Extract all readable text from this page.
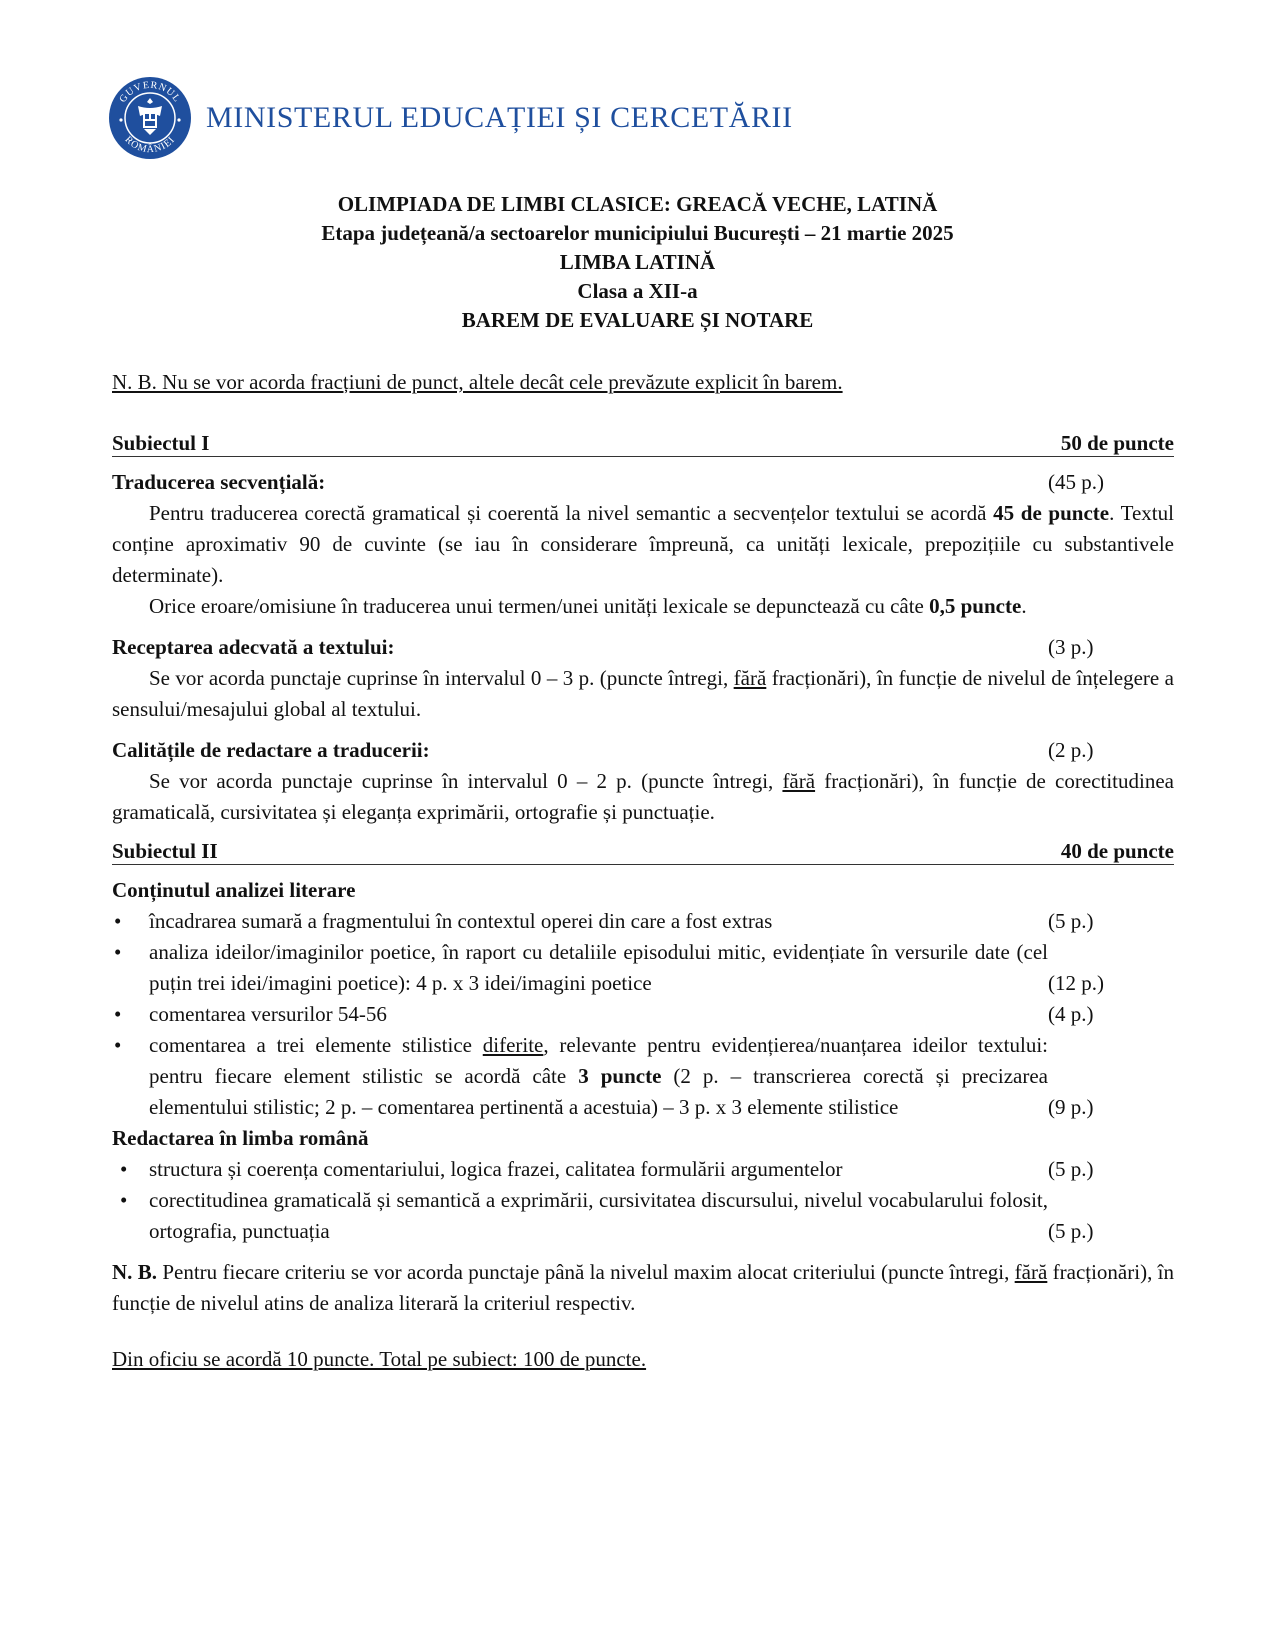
GUVERNUL
ROMÂNIEI
MINISTERUL EDUCAȚIEI ȘI CERCETĂRII
OLIMPIADA DE LIMBI CLASICE: GREACĂ VECHE, LATINĂ
Etapa județeană/a sectoarelor municipiului București – 21 martie 2025
LIMBA LATINĂ
Clasa a XII-a
BAREM DE EVALUARE ȘI NOTARE
N. B. Nu se vor acorda fracțiuni de punct, altele decât cele prevăzute explicit în barem.
Subiectul I	50 de puncte
Traducerea secvențială:	(45 p.)
Pentru traducerea corectă gramatical și coerentă la nivel semantic a secvențelor textului se acordă 45 de puncte. Textul conține aproximativ 90 de cuvinte (se iau în considerare împreună, ca unități lexicale, prepozițiile cu substantivele determinate).
Orice eroare/omisiune în traducerea unui termen/unei unități lexicale se depunctează cu câte 0,5 puncte.
Receptarea adecvată a textului:	(3 p.)
Se vor acorda punctaje cuprinse în intervalul 0 – 3 p. (puncte întregi, fără fracționări), în funcție de nivelul de înțelegere a sensului/mesajului global al textului.
Calitățile de redactare a traducerii:	(2 p.)
Se vor acorda punctaje cuprinse în intervalul 0 – 2 p. (puncte întregi, fără fracționări), în funcție de corectitudinea gramaticală, cursivitatea și eleganța exprimării, ortografie și punctuație.
Subiectul II	40 de puncte
Conținutul analizei literare
• încadrarea sumară a fragmentului în contextul operei din care a fost extras	(5 p.)
• analiza ideilor/imaginilor poetice, în raport cu detaliile episodului mitic, evidențiate în versurile date (cel puțin trei idei/imagini poetice): 4 p. x 3 idei/imagini poetice	(12 p.)
• comentarea versurilor 54-56	(4 p.)
• comentarea a trei elemente stilistice diferite, relevante pentru evidențierea/nuanțarea ideilor textului: pentru fiecare element stilistic se acordă câte 3 puncte (2 p. – transcrierea corectă și precizarea elementului stilistic; 2 p. – comentarea pertinentă a acestuia) – 3 p. x 3 elemente stilistice	(9 p.)
Redactarea în limba română
• structura și coerența comentariului, logica frazei, calitatea formulării argumentelor	(5 p.)
• corectitudinea gramaticală și semantică a exprimării, cursivitatea discursului, nivelul vocabularului folosit, ortografia, punctuația	(5 p.)
N. B. Pentru fiecare criteriu se vor acorda punctaje până la nivelul maxim alocat criteriului (puncte întregi, fără fracționări), în funcție de nivelul atins de analiza literară la criteriul respectiv.
Din oficiu se acordă 10 puncte. Total pe subiect: 100 de puncte.
